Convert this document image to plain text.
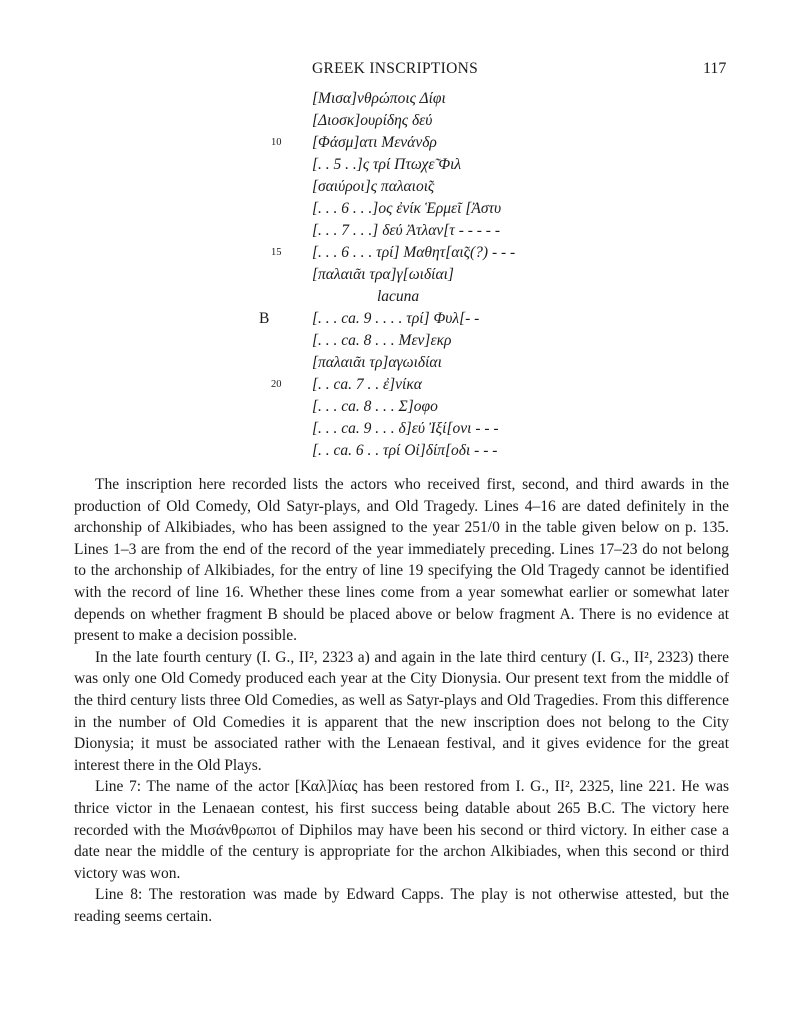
GREEK INSCRIPTIONS	117
[Μισα]νθρώποις Δίφι
[Διοσκ]ουρίδης δεύ
10	[Φάσμ]ατι Μενάνδρ
[. . 5 . .]ς τρί Πτωχε̃ Φιλ
[σαιύροι]ς παλαιοι̃ς
[. . . 6 . . .]ος ἐνίκ Ἑρμεῖ [Ἀστυ
[. . . 7 . . .] δεύ Ἀτλαν[τ - - - - -
15	[. . . 6 . . . τρί] Μαθητ[αι̃ς(?) - - -
[παλαιᾶι τρα]γ[ωιδίαι]
lacuna
B	[. . . ca. 9 . . . . τρί] Φυλ[- -
[. . . ca. 8 . . . Μεν]εκρ
[παλαιᾶι τρ]αγωιδίαι
20	[. . ca. 7 . . ἐ]νίκα
[. . . ca. 8 . . . Σ]οφο
[. . . ca. 9 . . . δ]εύ Ἰξί[ονι - - -
[. . ca. 6 . . τρί Οἰ]δίπ[οδι - - -

The inscription here recorded lists the actors who received first, second, and third awards in the production of Old Comedy, Old Satyr-plays, and Old Tragedy. Lines 4–16 are dated definitely in the archonship of Alkibiades, who has been assigned to the year 251/0 in the table given below on p. 135. Lines 1–3 are from the end of the record of the year immediately preceding. Lines 17–23 do not belong to the archonship of Alkibiades, for the entry of line 19 specifying the Old Tragedy cannot be identified with the record of line 16. Whether these lines come from a year somewhat earlier or somewhat later depends on whether fragment B should be placed above or below fragment A. There is no evidence at present to make a decision possible.

In the late fourth century (I. G., II², 2323 a) and again in the late third century (I. G., II², 2323) there was only one Old Comedy produced each year at the City Dionysia. Our present text from the middle of the third century lists three Old Comedies, as well as Satyr-plays and Old Tragedies. From this difference in the number of Old Comedies it is apparent that the new inscription does not belong to the City Dionysia; it must be associated rather with the Lenaean festival, and it gives evidence for the great interest there in the Old Plays.

Line 7: The name of the actor [Καλ]λίας has been restored from I. G., II², 2325, line 221. He was thrice victor in the Lenaean contest, his first success being datable about 265 B.C. The victory here recorded with the Μισάνθρωποι of Diphilos may have been his second or third victory. In either case a date near the middle of the century is appropriate for the archon Alkibiades, when this second or third victory was won.

Line 8: The restoration was made by Edward Capps. The play is not otherwise attested, but the reading seems certain.
